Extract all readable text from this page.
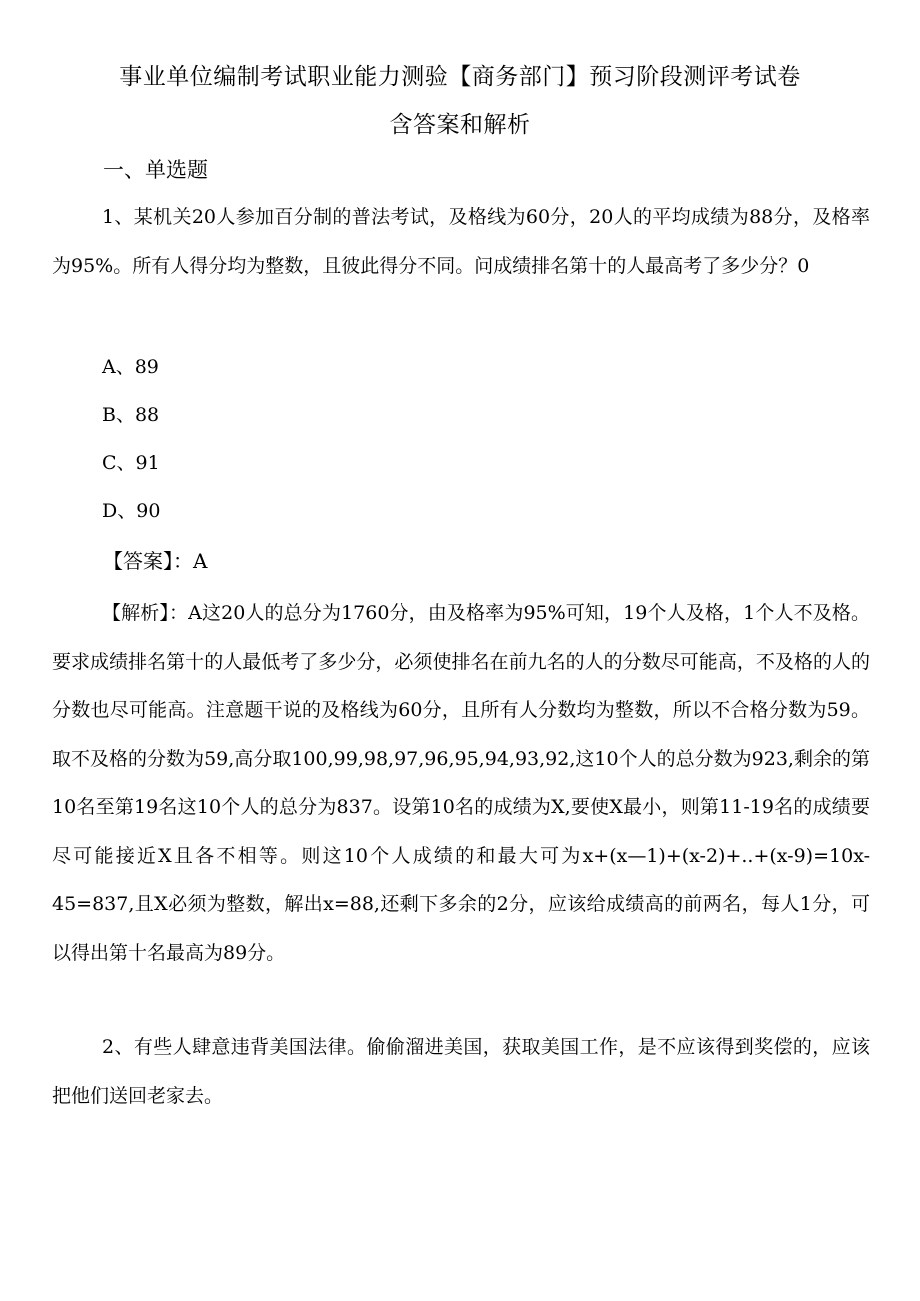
事业单位编制考试职业能力测验【商务部门】预习阶段测评考试卷
含答案和解析
一、单选题

1、某机关20人参加百分制的普法考试，及格线为60分，20人的平均成绩为88分，及格率为95%。所有人得分均为整数，且彼此得分不同。问成绩排名第十的人最高考了多少分？0

A、89
B、88
C、91
D、90
【答案】：A

【解析】：A这20人的总分为1760分，由及格率为95%可知，19个人及格，1个人不及格。要求成绩排名第十的人最低考了多少分，必须使排名在前九名的人的分数尽可能高，不及格的人的分数也尽可能高。注意题干说的及格线为60分，且所有人分数均为整数，所以不合格分数为59。取不及格的分数为59,高分取100,99,98,97,96,95,94,93,92,这10个人的总分数为923,剩余的第10名至第19名这10个人的总分为837。设第10名的成绩为X,要使X最小，则第11-19名的成绩要尽可能接近X且各不相等。则这10个人成绩的和最大可为x+(x—1)+(x-2)+..+(x-9)=10x-45=837,且X必须为整数，解出x=88,还剩下多余的2分，应该给成绩高的前两名，每人1分，可以得出第十名最高为89分。

2、有些人肆意违背美国法律。偷偷溜进美国，获取美国工作，是不应该得到奖偿的，应该把他们送回老家去。
